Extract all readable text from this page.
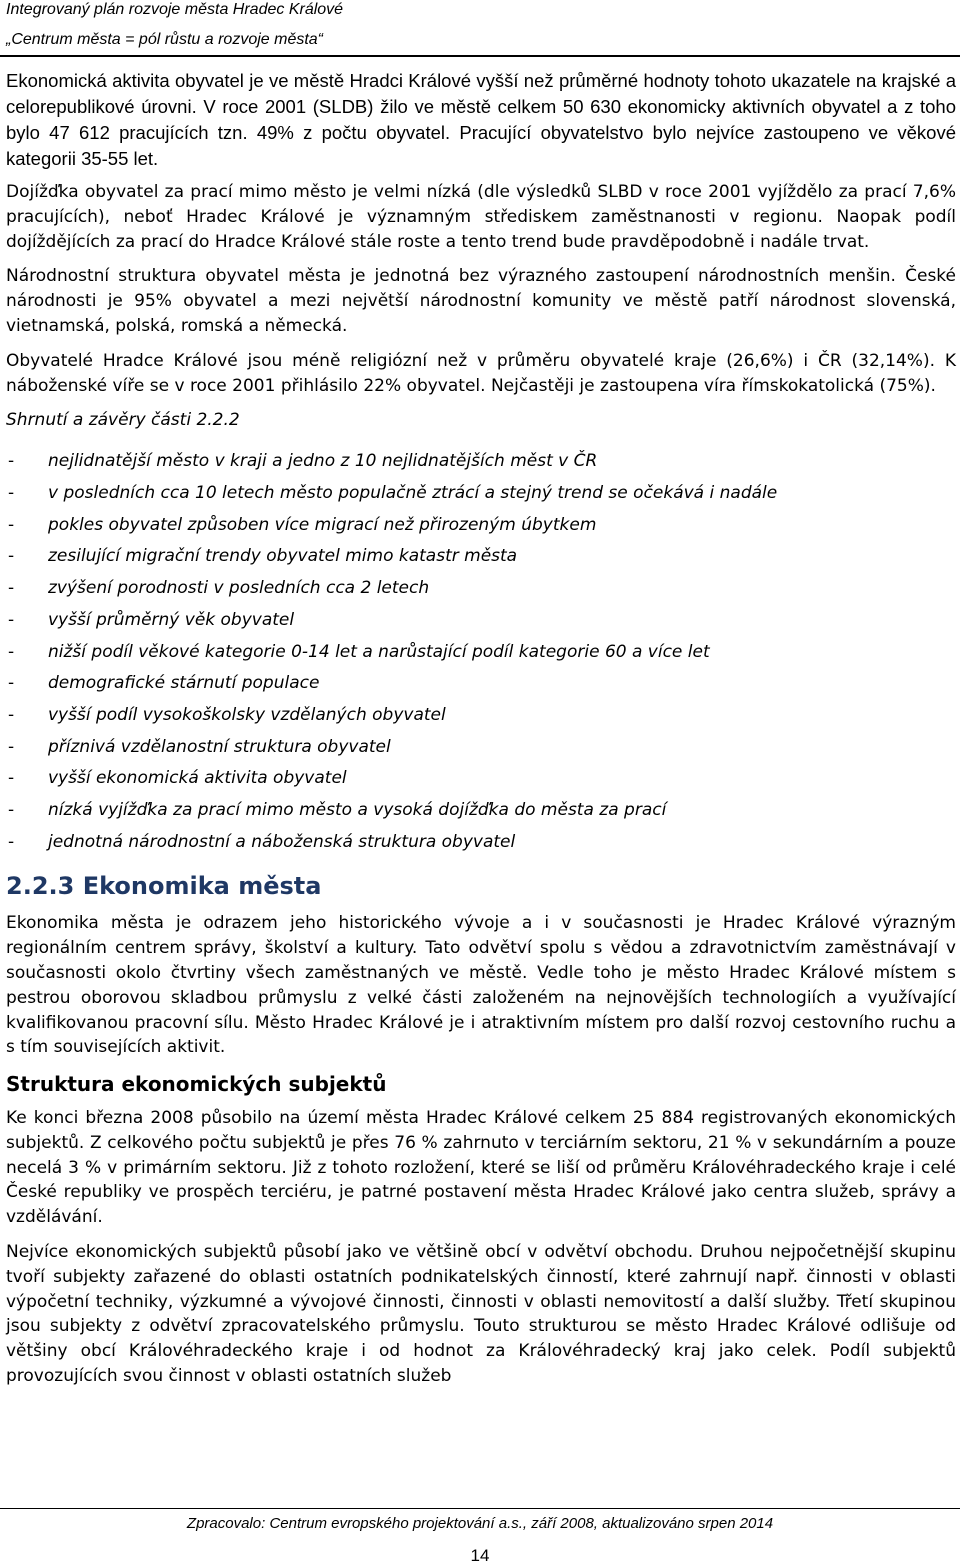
Integrovaný plán rozvoje města Hradec Králové

„Centrum města = pól růstu a rozvoje města“

Ekonomická aktivita obyvatel je ve městě Hradci Králové vyšší než průměrné hodnoty tohoto ukazatele na krajské a celorepublikové úrovni. V roce 2001 (SLDB) žilo ve městě celkem 50 630 ekonomicky aktivních obyvatel a z toho bylo 47 612 pracujících tzn. 49% z počtu obyvatel. Pracující obyvatelstvo bylo nejvíce zastoupeno ve věkové kategorii 35-55 let.

Dojížďka obyvatel za prací mimo město je velmi nízká (dle výsledků SLBD v roce 2001 vyjíždělo za prací 7,6% pracujících), neboť Hradec Králové je významným střediskem zaměstnanosti v regionu. Naopak podíl dojíždějících za prací do Hradce Králové stále roste a tento trend bude pravděpodobně i nadále trvat.

Národnostní struktura obyvatel města je jednotná bez výrazného zastoupení národnostních menšin. České národnosti je 95% obyvatel a mezi největší národnostní komunity ve městě patří národnost slovenská, vietnamská, polská, romská a německá.

Obyvatelé Hradce Králové jsou méně religiózní než v průměru obyvatelé kraje (26,6%) i ČR (32,14%). K náboženské víře se v roce 2001 přihlásilo 22% obyvatel. Nejčastěji je zastoupena víra římskokatolická (75%).

Shrnutí a závěry části 2.2.2

- nejlidnatější město v kraji a jedno z 10 nejlidnatějších měst v ČR
- v posledních cca 10 letech město populačně ztrácí a stejný trend se očekává i nadále
- pokles obyvatel způsoben více migrací než přirozeným úbytkem
- zesilující migrační trendy obyvatel mimo katastr města
- zvýšení porodnosti v posledních cca 2 letech
- vyšší průměrný věk obyvatel
- nižší podíl věkové kategorie 0-14 let a narůstající podíl kategorie 60 a více let
- demografické stárnutí populace
- vyšší podíl vysokoškolsky vzdělaných obyvatel
- příznivá vzdělanostní struktura obyvatel
- vyšší ekonomická aktivita obyvatel
- nízká vyjížďka za prací mimo město a vysoká dojížďka do města za prací
- jednotná národnostní a náboženská struktura obyvatel
2.2.3 Ekonomika města

Ekonomika města je odrazem jeho historického vývoje a i v současnosti je Hradec Králové výrazným regionálním centrem správy, školství a kultury. Tato odvětví spolu s vědou a zdravotnictvím zaměstnávají v současnosti okolo čtvrtiny všech zaměstnaných ve městě. Vedle toho je město Hradec Králové místem s pestrou oborovou skladbou průmyslu z velké části založeném na nejnovějších technologiích a využívající kvalifikovanou pracovní sílu. Město Hradec Králové je i atraktivním místem pro další rozvoj cestovního ruchu a s tím souvisejících aktivit.

Struktura ekonomických subjektů

Ke konci března 2008 působilo na území města Hradec Králové celkem 25 884 registrovaných ekonomických subjektů. Z celkového počtu subjektů je přes 76 % zahrnuto v terciárním sektoru, 21 % v sekundárním a pouze necelá 3 % v primárním sektoru. Již z tohoto rozložení, které se liší od průměru Královéhradeckého kraje i celé České republiky ve prospěch terciéru, je patrné postavení města Hradec Králové jako centra služeb, správy a vzdělávání.

Nejvíce ekonomických subjektů působí jako ve většině obcí v odvětví obchodu. Druhou nejpočetnější skupinu tvoří subjekty zařazené do oblasti ostatních podnikatelských činností, které zahrnují např. činnosti v oblasti výpočetní techniky, výzkumné a vývojové činnosti, činnosti v oblasti nemovitostí a další služby. Třetí skupinou jsou subjekty z odvětví zpracovatelského průmyslu. Touto strukturou se město Hradec Králové odlišuje od většiny obcí Královéhradeckého kraje i od hodnot za Královéhradecký kraj jako celek. Podíl subjektů provozujících svou činnost v oblasti ostatních služeb

Zpracovalo: Centrum evropského projektování a.s., září 2008, aktualizováno srpen 2014
14
